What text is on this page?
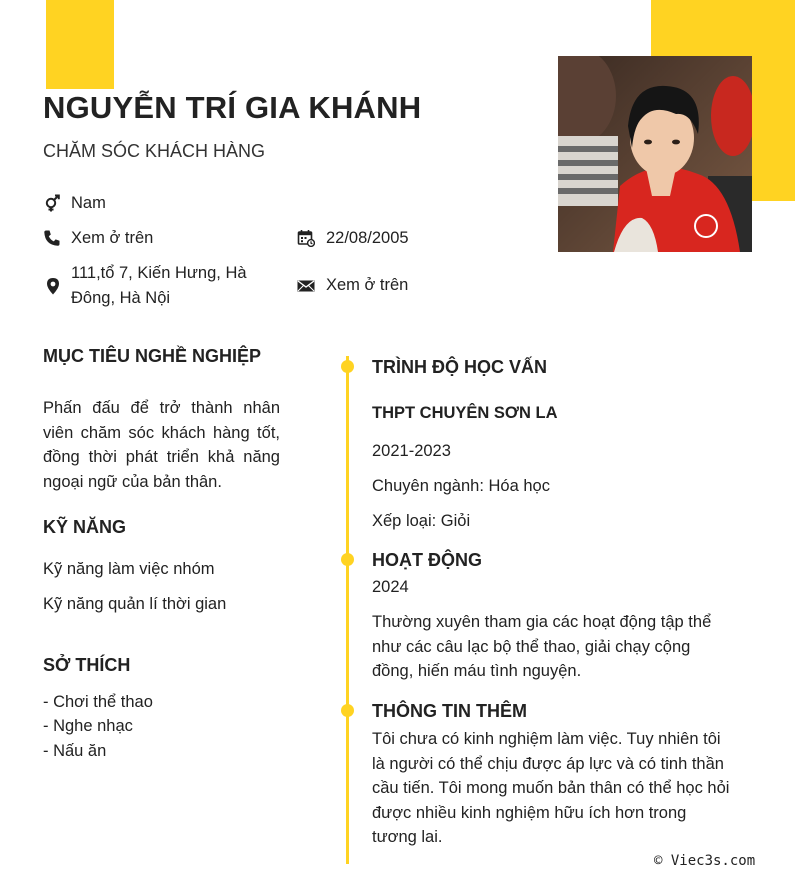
NGUYỄN TRÍ GIA KHÁNH
CHĂM SÓC KHÁCH HÀNG
Nam
Xem ở trên	22/08/2005
111,tổ 7, Kiến Hưng, Hà Đông, Hà Nội
Xem ở trên
MỤC TIÊU NGHỀ NGHIỆP
Phấn đấu để trở thành nhân viên chăm sóc khách hàng tốt, đồng thời phát triển khả năng ngoại ngữ của bản thân.
KỸ NĂNG
Kỹ năng làm việc nhóm
Kỹ năng quản lí thời gian
SỞ THÍCH
- Chơi thể thao
- Nghe nhạc
- Nấu ăn
TRÌNH ĐỘ HỌC VẤN
THPT CHUYÊN SƠN LA
2021-2023
Chuyên ngành: Hóa học
Xếp loại: Giỏi
HOẠT ĐỘNG
2024
Thường xuyên tham gia các hoạt động tập thể như các câu lạc bộ thể thao, giải chạy cộng đồng, hiến máu tình nguyện.
THÔNG TIN THÊM
Tôi chưa có kinh nghiệm làm việc. Tuy nhiên tôi là người có thể chịu được áp lực và có tinh thần cầu tiến. Tôi mong muốn bản thân có thể học hỏi được nhiều kinh nghiệm hữu ích hơn trong tương lai.
© Viec3s.com
